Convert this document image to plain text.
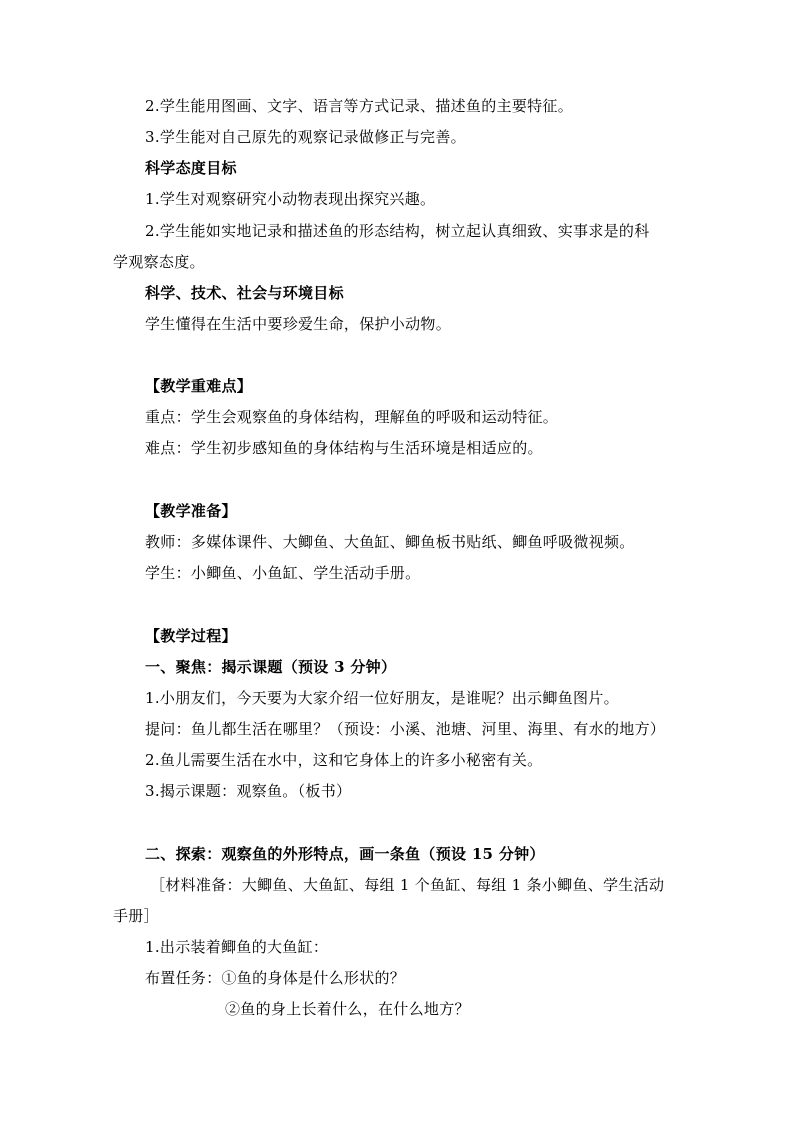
2.学生能用图画、文字、语言等方式记录、描述鱼的主要特征。
3.学生能对自己原先的观察记录做修正与完善。
科学态度目标
1.学生对观察研究小动物表现出探究兴趣。
2.学生能如实地记录和描述鱼的形态结构，树立起认真细致、实事求是的科
学观察态度。
科学、技术、社会与环境目标
学生懂得在生活中要珍爱生命，保护小动物。
【教学重难点】
重点：学生会观察鱼的身体结构，理解鱼的呼吸和运动特征。
难点：学生初步感知鱼的身体结构与生活环境是相适应的。
【教学准备】
教师：多媒体课件、大鲫鱼、大鱼缸、鲫鱼板书贴纸、鲫鱼呼吸微视频。
学生：小鲫鱼、小鱼缸、学生活动手册。
【教学过程】
一、聚焦：揭示课题（预设 3 分钟）
1.小朋友们，今天要为大家介绍一位好朋友，是谁呢？出示鲫鱼图片。
提问：鱼儿都生活在哪里？（预设：小溪、池塘、河里、海里、有水的地方）
2.鱼儿需要生活在水中，这和它身体上的许多小秘密有关。
3.揭示课题：观察鱼。（板书）
二、探索：观察鱼的外形特点，画一条鱼（预设 15 分钟）
［材料准备：大鲫鱼、大鱼缸、每组 1 个鱼缸、每组 1 条小鲫鱼、学生活动
手册］
1.出示装着鲫鱼的大鱼缸：
布置任务：①鱼的身体是什么形状的？
②鱼的身上长着什么，在什么地方？
